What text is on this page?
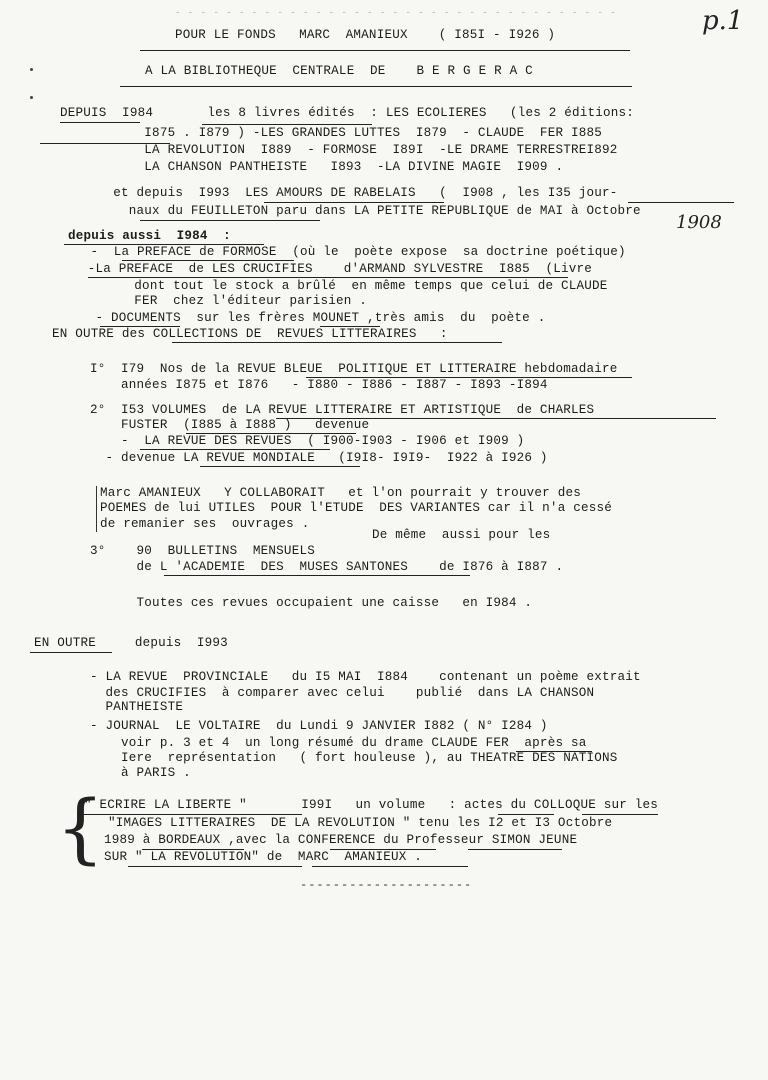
- - - - - - - - - - - - - - - - - - - - - - - - - - - - - - - - - - -	p.1
POUR LE FONDS   MARC  AMANIEUX    ( I85I - I926 )
A LA BIBLIOTHEQUE  CENTRALE  DE    B E R G E R A C
DEPUIS  I984       les 8 livres édités  : LES ECOLIERES   (les 2 éditions:
I875 . I879 ) -LES GRANDES LUTTES  I879  - CLAUDE  FER I885
LA REVOLUTION  I889  - FORMOSE  I89I  -LE DRAME TERRESTREI892
LA CHANSON PANTHEISTE   I893  -LA DIVINE MAGIE  I909 .
et depuis  I993  LES AMOURS DE RABELAIS   (  I908 , les I35 jour-
naux du FEUILLETON paru dans LA PETITE REPUBLIQUE de MAI à Octobre
1908
depuis aussi  I984  :
-  La PREFACE de FORMOSE  (où le  poète expose  sa doctrine poétique)
-La PREFACE  de LES CRUCIFIES    d'ARMAND SYLVESTRE  I885  (Livre
dont tout le stock a brûlé  en même temps que celui de CLAUDE
FER  chez l'éditeur parisien .
- DOCUMENTS  sur les frères MOUNET ,très amis  du  poète .
EN OUTRE des COLLECTIONS DE  REVUES LITTERAIRES   :
I°  I79  Nos de la REVUE BLEUE  POLITIQUE ET LITTERAIRE hebdomadaire
années I875 et I876   - I880 - I886 - I887 - I893 -I894
2°  I53 VOLUMES  de LA REVUE LITTERAIRE ET ARTISTIQUE  de CHARLES
FUSTER  (I885 à I888 )   devenue
-  LA REVUE DES REVUES  ( I900-I903 - I906 et I909 )
- devenue LA REVUE MONDIALE   (I9I8- I9I9-  I922 à I926 )
Marc AMANIEUX   Y COLLABORAIT   et l'on pourrait y trouver des
POEMES de lui UTILES  POUR l'ETUDE  DES VARIANTES car il n'a cessé
de remanier ses  ouvrages .
De même  aussi pour les
3°    90  BULLETINS  MENSUELS
de L 'ACADEMIE  DES  MUSES SANTONES    de I876 à I887 .
Toutes ces revues occupaient une caisse   en I984 .
EN OUTRE     depuis  I993
- LA REVUE  PROVINCIALE   du I5 MAI  I884    contenant un poème extrait
des CRUCIFIES  à comparer avec celui    publié  dans LA CHANSON
PANTHEISTE
- JOURNAL  LE VOLTAIRE  du Lundi 9 JANVIER I882 ( N° I284 )
voir p. 3 et 4  un long résumé du drame CLAUDE FER  après sa
Iere  représentation   ( fort houleuse ), au THEATRE DES NATIONS
à PARIS .
{
" ECRIRE LA LIBERTE "       I99I   un volume   : actes du COLLOQUE sur les
"IMAGES LITTERAIRES  DE LA REVOLUTION " tenu les I2 et I3 Octobre
1989 à BORDEAUX ,avec la CONFERENCE du Professeur SIMON JEUNE
SUR " LA REVOLUTION" de  MARC  AMANIEUX .
---------------------
